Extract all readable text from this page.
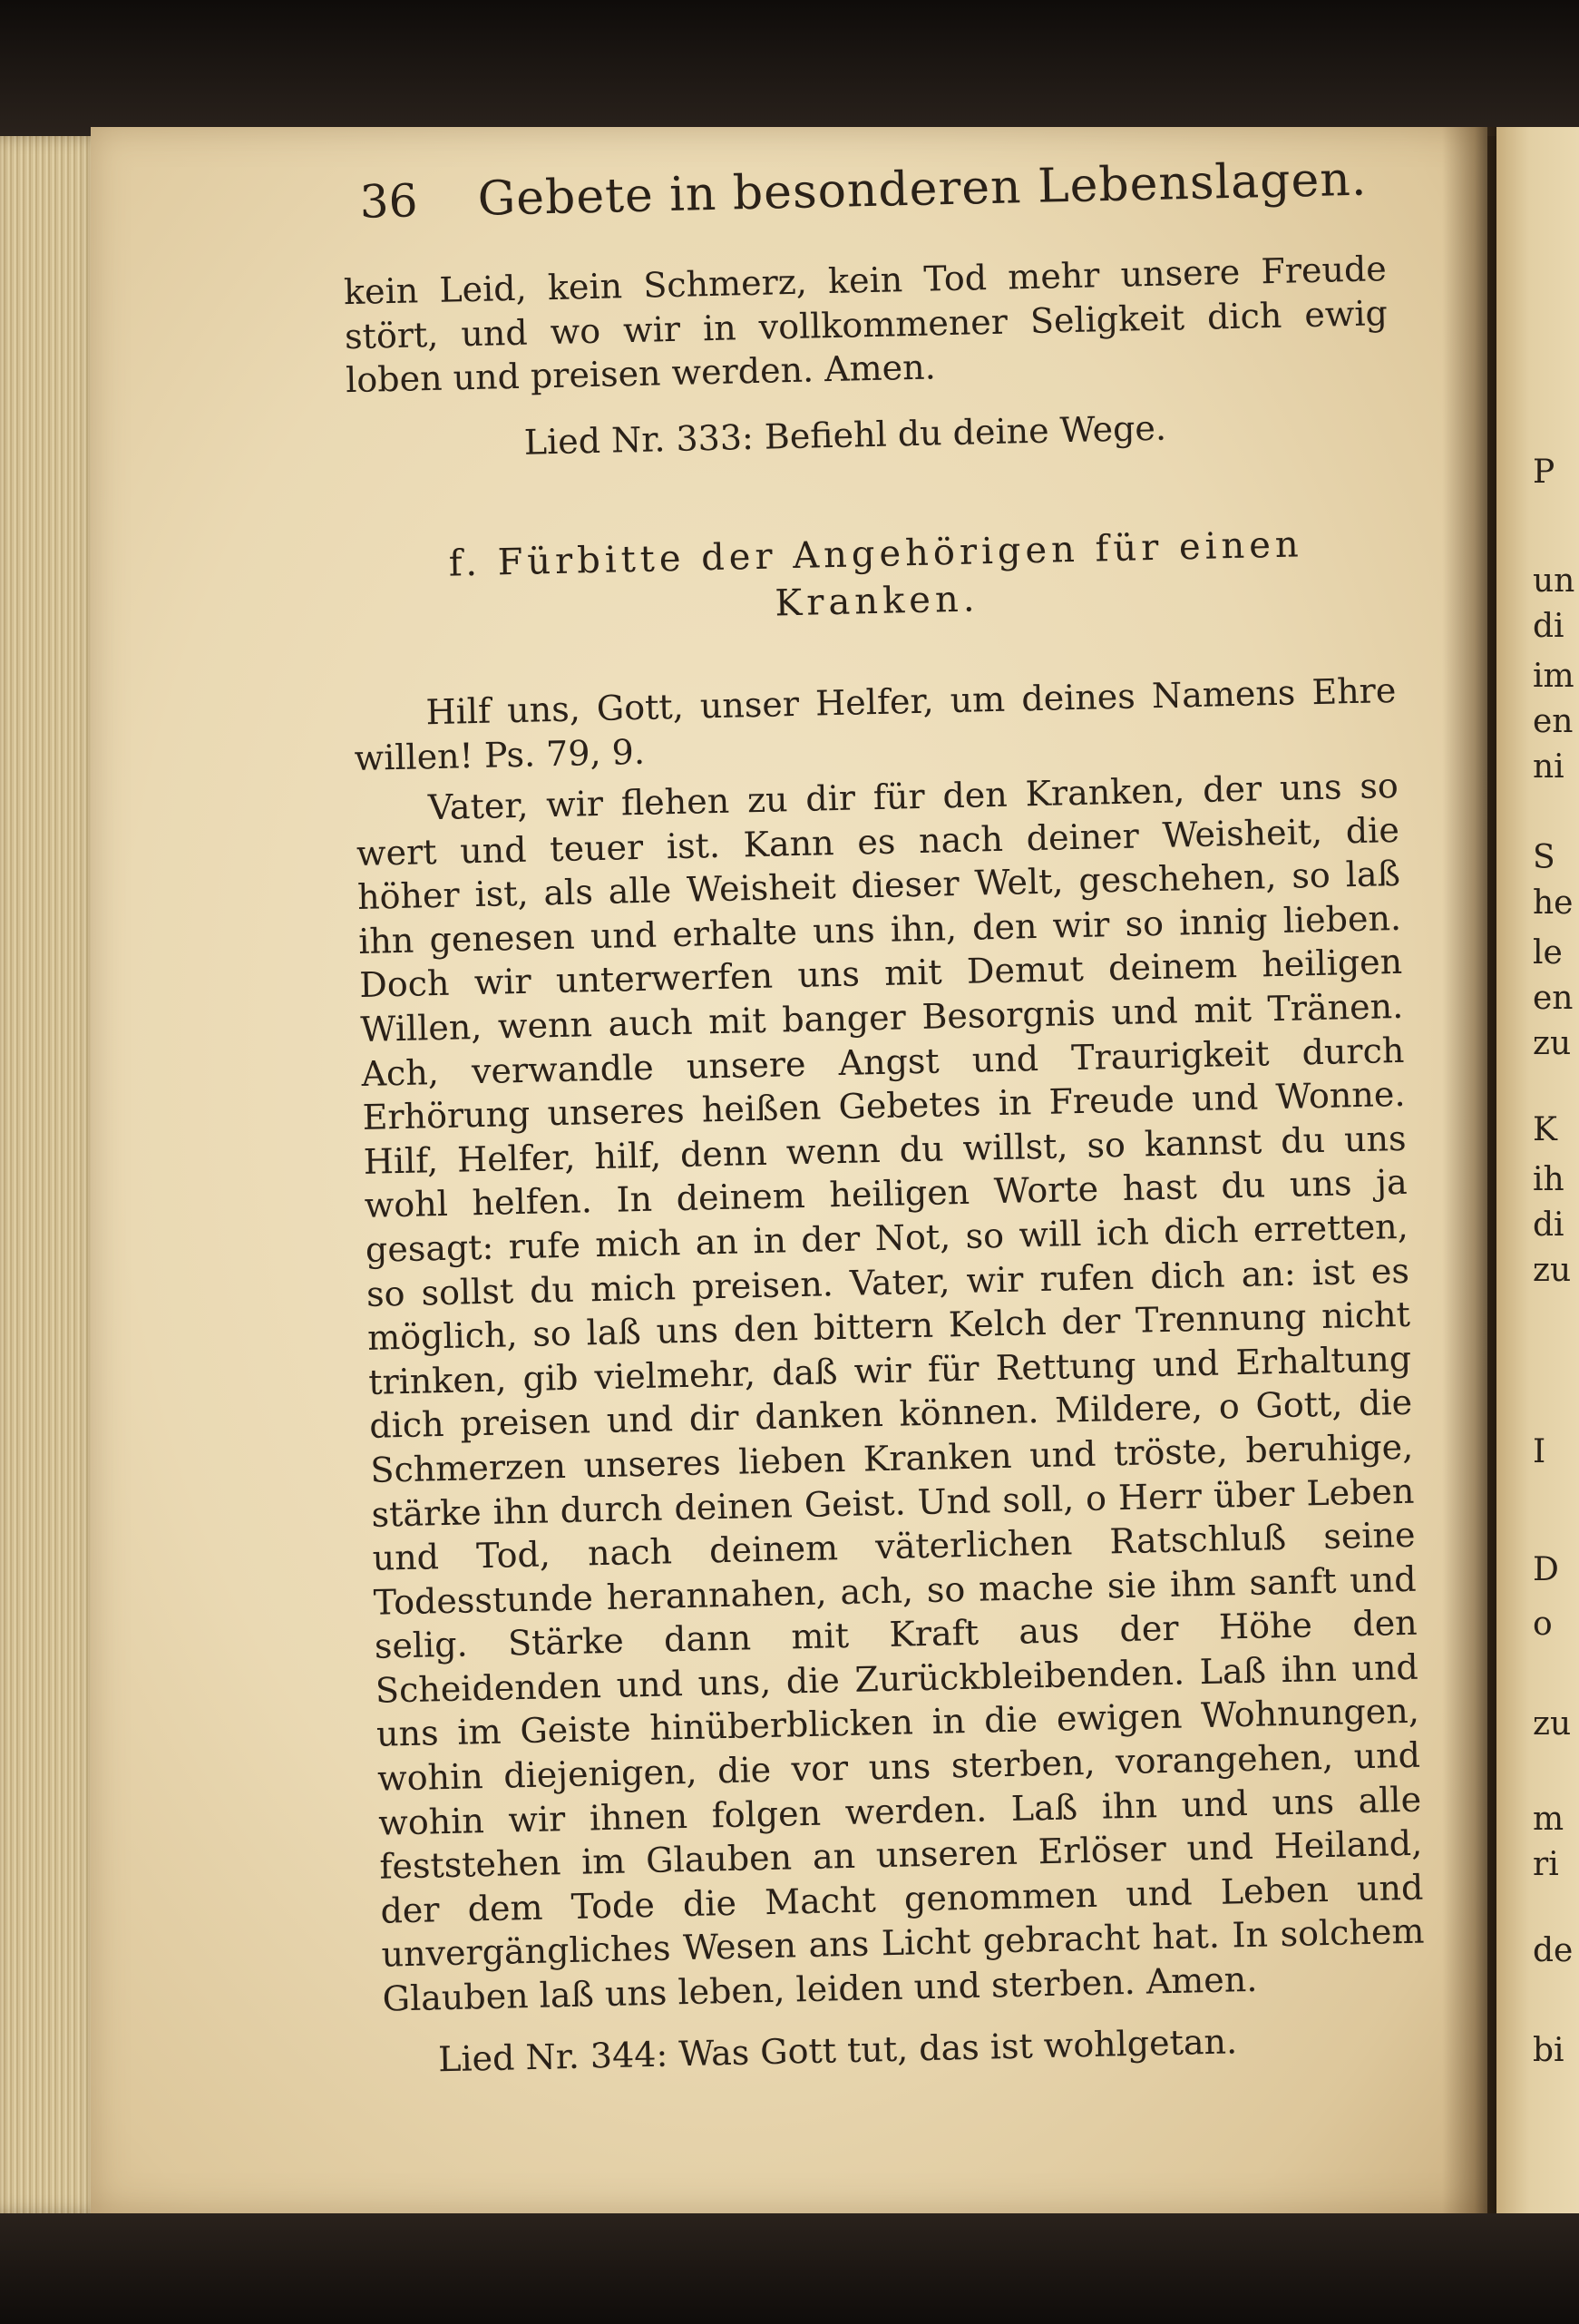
36 Gebete in besonderen Lebenslagen.
kein Leid, kein Schmerz, kein Tod mehr unsere Freude stört, und wo wir in vollkommener Seligkeit dich ewig loben und preisen werden. Amen.
Lied Nr. 333: Befiehl du deine Wege.
f. Fürbitte der Angehörigen für einen Kranken.
Hilf uns, Gott, unser Helfer, um deines Namens Ehre willen! Ps. 79, 9.
Vater, wir flehen zu dir für den Kranken, der uns so wert und teuer ist. Kann es nach deiner Weisheit, die höher ist, als alle Weisheit dieser Welt, geschehen, so laß ihn genesen und erhalte uns ihn, den wir so innig lieben. Doch wir unterwerfen uns mit Demut deinem heiligen Willen, wenn auch mit banger Besorgnis und mit Tränen. Ach, verwandle unsere Angst und Traurigkeit durch Erhörung unseres heißen Gebetes in Freude und Wonne. Hilf, Helfer, hilf, denn wenn du willst, so kannst du uns wohl helfen. In deinem heiligen Worte hast du uns ja gesagt: rufe mich an in der Not, so will ich dich erretten, so sollst du mich preisen. Vater, wir rufen dich an: ist es möglich, so laß uns den bittern Kelch der Trennung nicht trinken, gib vielmehr, daß wir für Rettung und Erhaltung dich preisen und dir danken können. Mildere, o Gott, die Schmerzen unseres lieben Kranken und tröste, beruhige, stärke ihn durch deinen Geist. Und soll, o Herr über Leben und Tod, nach deinem väterlichen Ratschluß seine Todesstunde herannahen, ach, so mache sie ihm sanft und selig. Stärke dann mit Kraft aus der Höhe den Scheidenden und uns, die Zurückbleibenden. Laß ihn und uns im Geiste hinüberblicken in die ewigen Wohnungen, wohin diejenigen, die vor uns sterben, vorangehen, und wohin wir ihnen folgen werden. Laß ihn und uns alle feststehen im Glauben an unseren Erlöser und Heiland, der dem Tode die Macht genommen und Leben und unvergängliches Wesen ans Licht gebracht hat. In solchem Glauben laß uns leben, leiden und sterben. Amen.
Lied Nr. 344: Was Gott tut, das ist wohlgetan.
P
un
di
im
en
ni
S
he
le
en
zu
K
ih
di
zu
I
D
o
zu
m
ri
de
bi
